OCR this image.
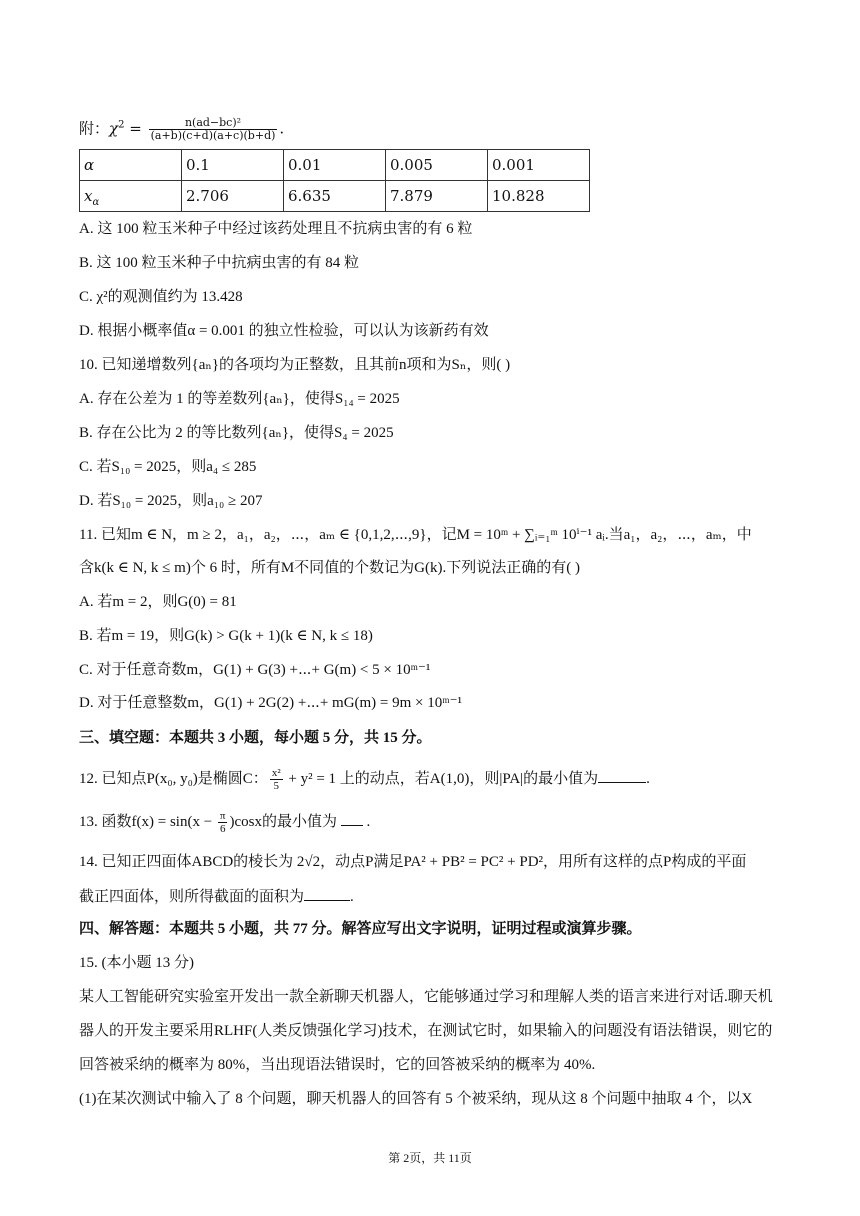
附：$\chi^2 = \frac{\text{n(ad−bc)²}}{(a+b)(c+d)(a+c)(b+d)}$ .
α	0.1	0.01	0.005	0.001
$x_\alpha$	2.706	6.635	7.879	10.828
A. 这 100 粒玉米种子中经过该药处理且不抗病虫害的有 6 粒
B. 这 100 粒玉米种子中抗病虫害的有 84 粒
C. χ²的观测值约为 13.428
D. 根据小概率值α = 0.001 的独立性检验，可以认为该新药有效
10. 已知递增数列{aₙ}的各项均为正整数，且其前n项和为Sₙ，则( )
A. 存在公差为 1 的等差数列{aₙ}，使得S₁₄ = 2025
B. 存在公比为 2 的等比数列{aₙ}，使得S₄ = 2025
C. 若S₁₀ = 2025，则a₄ ≤ 285
D. 若S₁₀ = 2025，则a₁₀ ≥ 207
11. 已知m ∈ N，m ≥ 2，a₁，a₂，⋯，aₘ ∈ {0,1,2,⋯,9}，记M = 10ᵐ + ∑ᵢ₌₁ᵐ 10ⁱ⁻¹ aᵢ.当a₁，a₂，⋯，aₘ，中
含k(k ∈ N, k ≤ m)个 6 时，所有M不同值的个数记为G(k).下列说法正确的有( )
A. 若m = 2，则G(0) = 81
B. 若m = 19，则G(k) > G(k + 1)(k ∈ N, k ≤ 18)
C. 对于任意奇数m，G(1) + G(3) +⋯+ G(m) < 5 × 10ᵐ⁻¹
D. 对于任意整数m，G(1) + 2G(2) +⋯+ mG(m) = 9m × 10ᵐ⁻¹
三、填空题：本题共 3 小题，每小题 5 分，共 15 分。
12. 已知点P(x₀, y₀)是椭圆C： $\frac{\text{x²}}{5} + y^2 = 1$ 上的动点，若A(1,0)，则|PA|的最小值为	.
13. 函数$f(x) = \sin(x - \frac{\pi}{6} )\cos x$的最小值为  .
14. 已知正四面体ABCD的棱长为 2√2，动点P满足PA² + PB² = PC² + PD²，用所有这样的点P构成的平面
截正四面体，则所得截面的面积为	.
四、解答题：本题共 5 小题，共 77 分。解答应写出文字说明，证明过程或演算步骤。
15. (本小题 13 分)
某人工智能研究实验室开发出一款全新聊天机器人，它能够通过学习和理解人类的语言来进行对话.聊天机
器人的开发主要采用RLHF(人类反馈强化学习)技术，在测试它时，如果输入的问题没有语法错误，则它的
回答被采纳的概率为 80%，当出现语法错误时，它的回答被采纳的概率为 40%.
(1)在某次测试中输入了 8 个问题，聊天机器人的回答有 5 个被采纳，现从这 8 个问题中抽取 4 个，以X
第 2页，共 11页
